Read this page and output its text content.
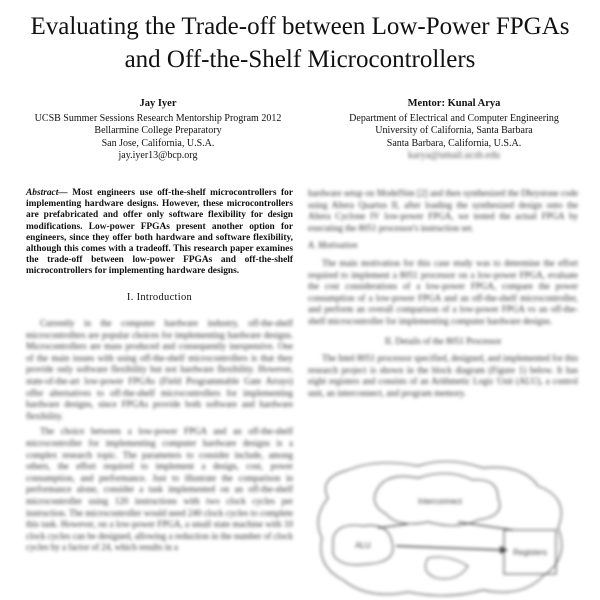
Evaluating the Trade-off between Low-Power FPGAs
and Off-the-Shelf Microcontrollers
Jay Iyer
UCSB Summer Sessions Research Mentorship Program 2012
Bellarmine College Preparatory
San Jose, California, U.S.A.
jay.iyer13@bcp.org
Mentor: Kunal Arya
Department of Electrical and Computer Engineering
University of California, Santa Barbara
Santa Barbara, California, U.S.A.
karya@umail.ucsb.edu
Abstract— Most engineers use off-the-shelf microcontrollers for implementing hardware designs. However, these microcontrollers are prefabricated and offer only software flexibility for design modifications. Low-power FPGAs present another option for engineers, since they offer both hardware and software flexibility, although this comes with a tradeoff. This research paper examines the trade-off between low-power FPGAs and off-the-shelf microcontrollers for implementing hardware designs.
I. Introduction

Currently in the computer hardware industry, off-the-shelf microcontrollers are popular choices for implementing hardware designs. Microcontrollers are mass produced and consequently inexpensive. One of the main issues with using off-the-shelf microcontrollers is that they provide only software flexibility but not hardware flexibility. However, state-of-the-art low-power FPGAs (Field Programmable Gate Arrays) offer alternatives to off-the-shelf microcontrollers for implementing hardware designs, since FPGAs provide both software and hardware flexibility.

The choice between a low-power FPGA and an off-the-shelf microcontroller for implementing computer hardware designs is a complex research topic. The parameters to consider include, among others, the effort required to implement a design, cost, power consumption, and performance. Just to illustrate the comparison in performance alone, consider a task implemented on an off-the-shelf microcontroller using 120 instructions with two clock cycles per instruction. The microcontroller would need 240 clock cycles to complete this task. However, on a low-power FPGA, a small state machine with 10 clock cycles can be designed, allowing a reduction in the number of clock cycles by a factor of 24, which results in a

hardware setup on ModelSim [2] and then synthesized the Dhrystone code using Altera Quartus II, after loading the synthesized design onto the Altera Cyclone IV low-power FPGA, we tested the actual FPGA by executing the 8051 processor's instruction set.

A. Motivation

The main motivation for this case study was to determine the effort required to implement a 8051 processor on a low-power FPGA, evaluate the cost considerations of a low-power FPGA, compare the power consumption of a low-power FPGA and an off-the-shelf microcontroller, and perform an overall comparison of a low-power FPGA vs an off-the-shelf microcontroller for implementing computer hardware designs.

II. Details of the 8051 Processor

The Intel 8051 processor specified, designed, and implemented for this research project is shown in the block diagram (Figure 1) below. It has eight registers and consists of an Arithmetic Logic Unit (ALU), a control unit, an interconnect, and program memory.

Interconnect
Registers
ALU
